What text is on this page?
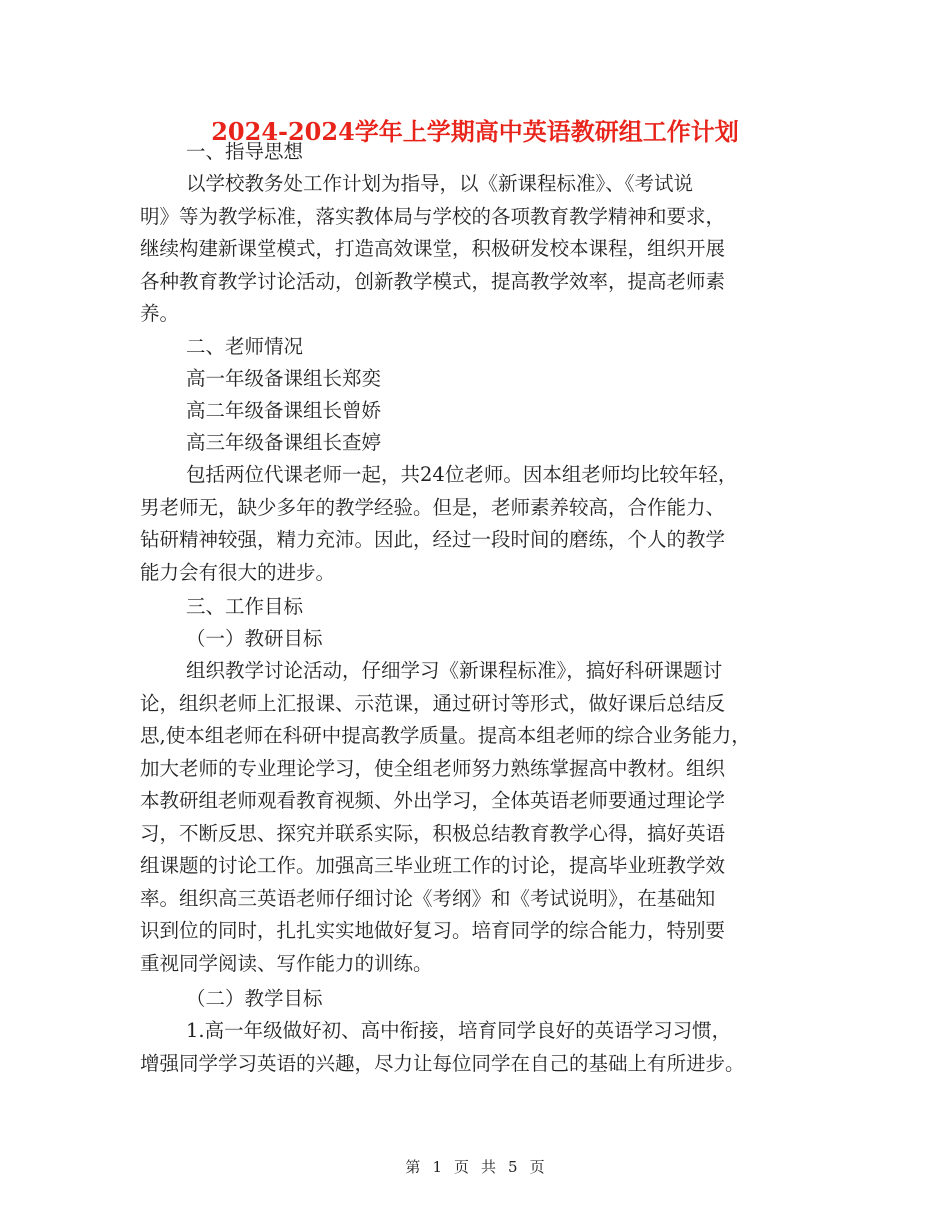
2024-2024学年上学期高中英语教研组工作计划
一、指导思想
以学校教务处工作计划为指导，以《新课程标准》、《考试说
明》等为教学标准，落实教体局与学校的各项教育教学精神和要求，
继续构建新课堂模式，打造高效课堂，积极研发校本课程，组织开展
各种教育教学讨论活动，创新教学模式，提高教学效率，提高老师素
养。
二、老师情况
高一年级备课组长郑奕
高二年级备课组长曾娇
高三年级备课组长查婷
包括两位代课老师一起，共24位老师。因本组老师均比较年轻，
男老师无，缺少多年的教学经验。但是，老师素养较高，合作能力、
钻研精神较强，精力充沛。因此，经过一段时间的磨练，个人的教学
能力会有很大的进步。
三、工作目标
（一）教研目标
组织教学讨论活动，仔细学习《新课程标准》，搞好科研课题讨
论，组织老师上汇报课、示范课，通过研讨等形式，做好课后总结反
思,使本组老师在科研中提高教学质量。提高本组老师的综合业务能力，
加大老师的专业理论学习，使全组老师努力熟练掌握高中教材。组织
本教研组老师观看教育视频、外出学习，全体英语老师要通过理论学
习，不断反思、探究并联系实际，积极总结教育教学心得，搞好英语
组课题的讨论工作。加强高三毕业班工作的讨论，提高毕业班教学效
率。组织高三英语老师仔细讨论《考纲》和《考试说明》，在基础知
识到位的同时，扎扎实实地做好复习。培育同学的综合能力，特别要
重视同学阅读、写作能力的训练。
（二）教学目标
1.高一年级做好初、高中衔接，培育同学良好的英语学习习惯，
增强同学学习英语的兴趣，尽力让每位同学在自己的基础上有所进步。
第 1 页 共 5 页
